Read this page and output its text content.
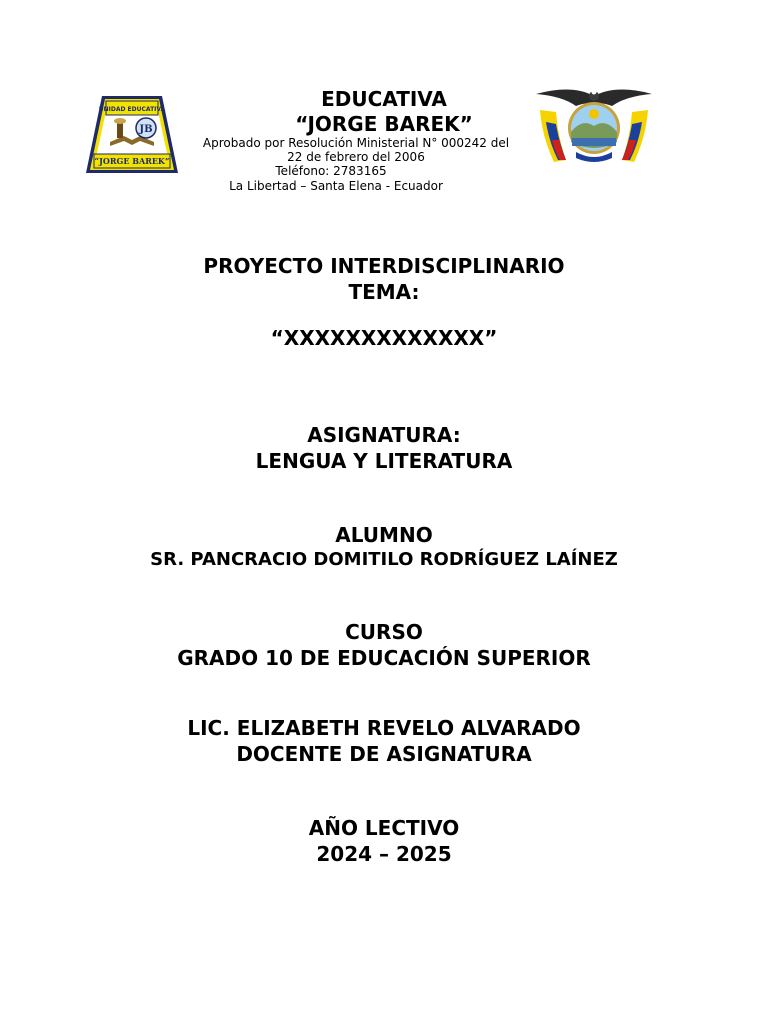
UNIDAD EDUCATIVA
JB
“JORGE BAREK”
EDUCATIVA
“JORGE BAREK”
Aprobado por Resolución Ministerial N° 000242 del
22 de febrero del 2006
Teléfono: 2783165
La Libertad – Santa Elena - Ecuador
PROYECTO INTERDISCIPLINARIO
TEMA:
“XXXXXXXXXXXXX”
ASIGNATURA:
LENGUA Y LITERATURA
ALUMNO
SR. PANCRACIO DOMITILO RODRÍGUEZ LAÍNEZ
CURSO
GRADO 10 DE EDUCACIÓN SUPERIOR
LIC. ELIZABETH REVELO ALVARADO
DOCENTE DE ASIGNATURA
AÑO LECTIVO
2024 – 2025
